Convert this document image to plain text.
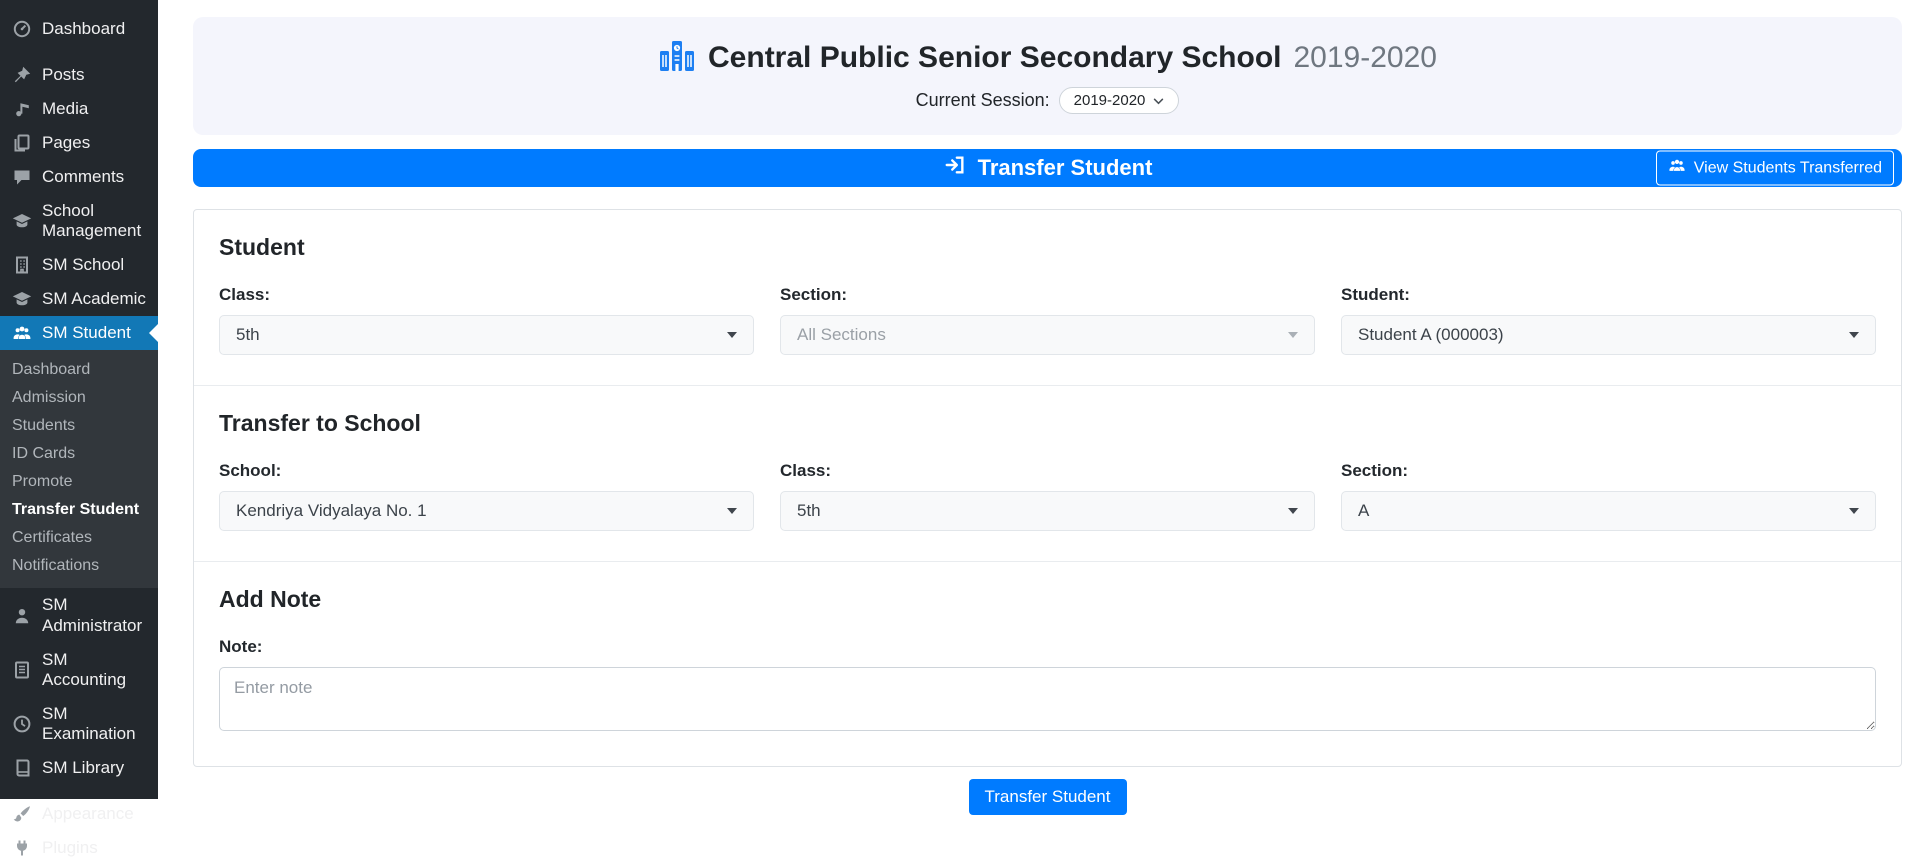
Dashboard
Posts
Media
Pages
Comments
School Management
SM School
SM Academic
SM Student
Dashboard
Admission
Students
ID Cards
Promote
Transfer Student
Certificates
Notifications
SM Administrator
SM Accounting
SM Examination
SM Library
Appearance
Plugins
Central Public Senior Secondary School 2019-2020
Current Session: 2019-2020
Transfer Student	View Students Transferred
Student
Class:
5th
Section:
All Sections
Student:
Student A (000003)
Transfer to School
School:
Kendriya Vidyalaya No. 1
Class:
5th
Section:
A
Add Note
Note:
Enter note
Transfer Student
